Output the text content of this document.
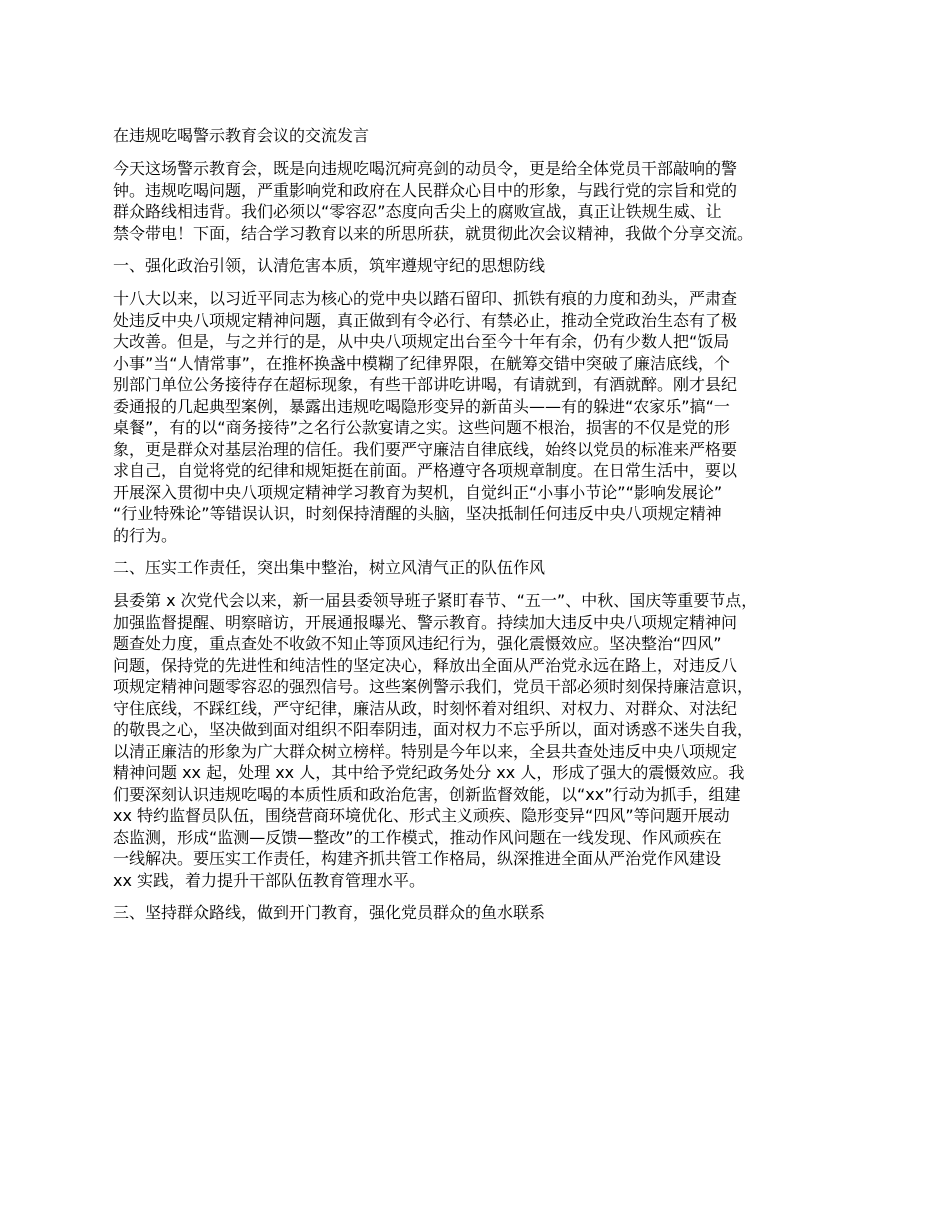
在违规吃喝警示教育会议的交流发言
今天这场警示教育会，既是向违规吃喝沉疴亮剑的动员令，更是给全体党员干部敲响的警
钟。违规吃喝问题，严重影响党和政府在人民群众心目中的形象，与践行党的宗旨和党的
群众路线相违背。我们必须以“零容忍”态度向舌尖上的腐败宣战，真正让铁规生威、让
禁令带电！下面，结合学习教育以来的所思所获，就贯彻此次会议精神，我做个分享交流。
一、强化政治引领，认清危害本质，筑牢遵规守纪的思想防线
十八大以来，以习近平同志为核心的党中央以踏石留印、抓铁有痕的力度和劲头，严肃查
处违反中央八项规定精神问题，真正做到有令必行、有禁必止，推动全党政治生态有了极
大改善。但是，与之并行的是，从中央八项规定出台至今十年有余，仍有少数人把“饭局
小事”当“人情常事”，在推杯换盏中模糊了纪律界限，在觥筹交错中突破了廉洁底线，个
别部门单位公务接待存在超标现象，有些干部讲吃讲喝，有请就到，有酒就醉。刚才县纪
委通报的几起典型案例，暴露出违规吃喝隐形变异的新苗头——有的躲进“农家乐”搞“一
桌餐”，有的以“商务接待”之名行公款宴请之实。这些问题不根治，损害的不仅是党的形
象，更是群众对基层治理的信任。我们要严守廉洁自律底线，始终以党员的标准来严格要
求自己，自觉将党的纪律和规矩挺在前面。严格遵守各项规章制度。在日常生活中，要以
开展深入贯彻中央八项规定精神学习教育为契机，自觉纠正“小事小节论”“影响发展论”
“行业特殊论”等错误认识，时刻保持清醒的头脑，坚决抵制任何违反中央八项规定精神
的行为。
二、压实工作责任，突出集中整治，树立风清气正的队伍作风
县委第 x 次党代会以来，新一届县委领导班子紧盯春节、“五一”、中秋、国庆等重要节点，
加强监督提醒、明察暗访，开展通报曝光、警示教育。持续加大违反中央八项规定精神问
题查处力度，重点查处不收敛不知止等顶风违纪行为，强化震慑效应。坚决整治“四风”
问题，保持党的先进性和纯洁性的坚定决心，释放出全面从严治党永远在路上，对违反八
项规定精神问题零容忍的强烈信号。这些案例警示我们，党员干部必须时刻保持廉洁意识，
守住底线，不踩红线，严守纪律，廉洁从政，时刻怀着对组织、对权力、对群众、对法纪
的敬畏之心，坚决做到面对组织不阳奉阴违，面对权力不忘乎所以，面对诱惑不迷失自我，
以清正廉洁的形象为广大群众树立榜样。特别是今年以来，全县共查处违反中央八项规定
精神问题 xx 起，处理 xx 人，其中给予党纪政务处分 xx 人，形成了强大的震慑效应。我
们要深刻认识违规吃喝的本质性质和政治危害，创新监督效能，以“xx”行动为抓手，组建
xx 特约监督员队伍，围绕营商环境优化、形式主义顽疾、隐形变异“四风”等问题开展动
态监测，形成“监测—反馈—整改”的工作模式，推动作风问题在一线发现、作风顽疾在
一线解决。要压实工作责任，构建齐抓共管工作格局，纵深推进全面从严治党作风建设
xx 实践，着力提升干部队伍教育管理水平。
三、坚持群众路线，做到开门教育，强化党员群众的鱼水联系
